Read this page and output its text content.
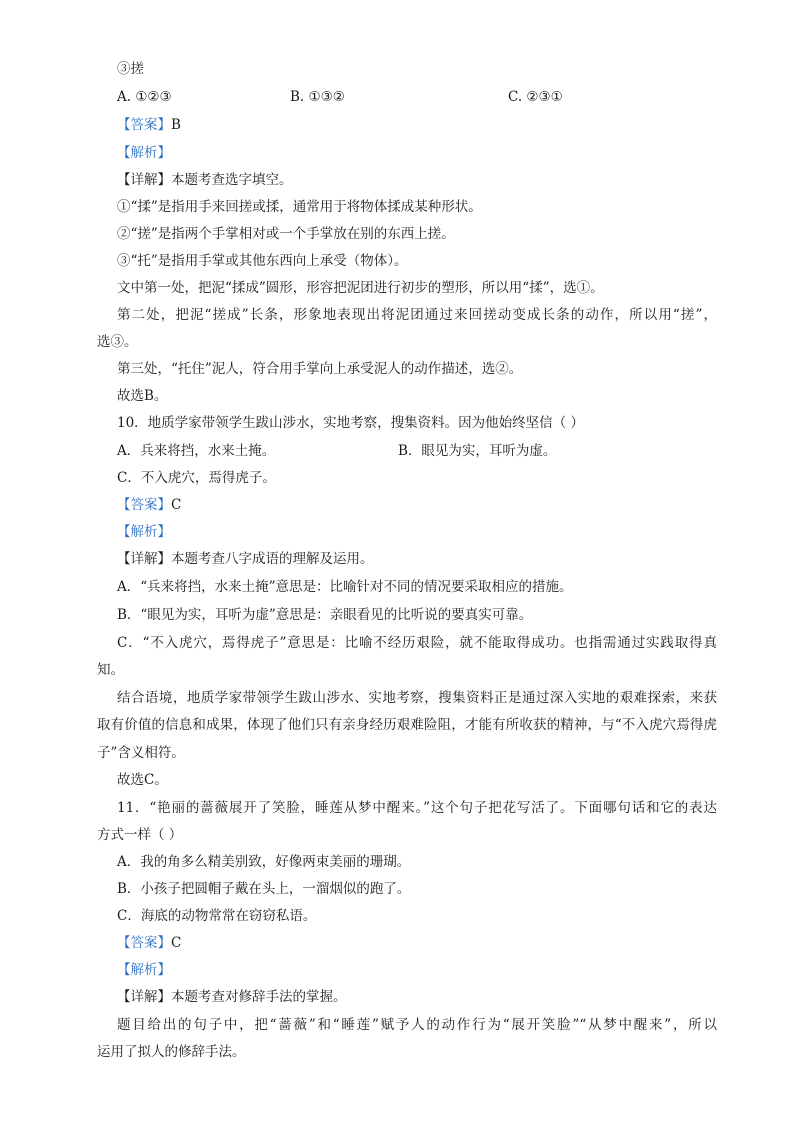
③搓
A. ①②③	B. ①③②	C. ②③①
【答案】B
【解析】
【详解】本题考查选字填空。
①“揉”是指用手来回搓或揉，通常用于将物体揉成某种形状。
②“搓”是指两个手掌相对或一个手掌放在别的东西上搓。
③“托”是指用手掌或其他东西向上承受（物体）。
文中第一处，把泥“揉成”圆形，形容把泥团进行初步的塑形，所以用“揉”，选①。
第二处，把泥“搓成”长条，形象地表现出将泥团通过来回搓动变成长条的动作，所以用“搓”，
选③。
第三处，“托住”泥人，符合用手掌向上承受泥人的动作描述，选②。
故选B。
10．地质学家带领学生跋山涉水，实地考察，搜集资料。因为他始终坚信（ ）
A．兵来将挡，水来土掩。	B．眼见为实，耳听为虚。
C．不入虎穴，焉得虎子。
【答案】C
【解析】
【详解】本题考查八字成语的理解及运用。
A．“兵来将挡，水来土掩”意思是：比喻针对不同的情况要采取相应的措施。
B．“眼见为实，耳听为虚”意思是：亲眼看见的比听说的要真实可靠。
C．“不入虎穴，焉得虎子”意思是：比喻不经历艰险，就不能取得成功。也指需通过实践取得真
知。
结合语境，地质学家带领学生跋山涉水、实地考察，搜集资料正是通过深入实地的艰难探索，来获
取有价值的信息和成果，体现了他们只有亲身经历艰难险阻，才能有所收获的精神，与“不入虎穴焉得虎
子”含义相符。
故选C。
11．“艳丽的蔷薇展开了笑脸，睡莲从梦中醒来。”这个句子把花写活了。下面哪句话和它的表达
方式一样（ ）
A．我的角多么精美别致，好像两束美丽的珊瑚。
B．小孩子把圆帽子戴在头上，一溜烟似的跑了。
C．海底的动物常常在窃窃私语。
【答案】C
【解析】
【详解】本题考查对修辞手法的掌握。
题目给出的句子中，把“蔷薇”和“睡莲”赋予人的动作行为“展开笑脸”“从梦中醒来”，所以
运用了拟人的修辞手法。
